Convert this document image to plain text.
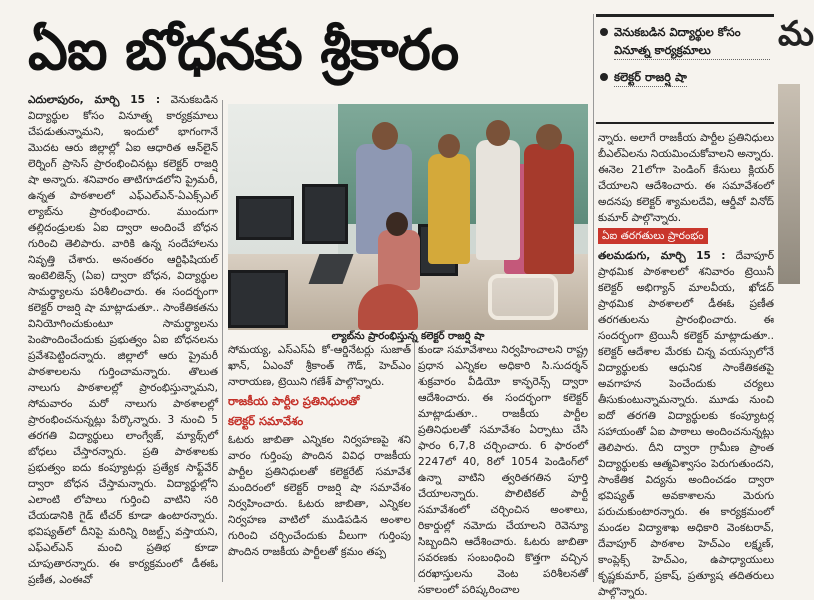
ఏఐ బోధనకు శ్రీకారం	వెనుకబడిన విద్యార్థుల కోసం వినూత్న కార్యక్రమాలు
కలెక్టర్ రాజర్షి షా
మ

ఎదులాపురం, మార్చి 15 : వెనుకబడిన విద్యార్థుల కోసం వినూత్న కార్యక్రమాలు చేపడుతున్నామని, ఇందులో భాగంగానే మొదట ఆరు జిల్లాల్లో ఏఐ ఆధారిత ఆన్‌లైన్ లెర్నింగ్ ప్రాసెస్ ప్రారంభించినట్లు కలెక్టర్ రాజర్షి షా అన్నారు. శనివారం తాటిగూడలోని ప్రైమరీ, ఉన్నత పాఠశాలలో ఎఫ్‌ఎల్‌ఎన్-ఏఎక్స్‌ఎల్ ల్యాబ్‌ను ప్రారంభించారు. ముందుగా తల్లిదండ్రులకు ఏఐ ద్వారా అందించే బోధన గురించి తెలిపారు. వారికి ఉన్న సందేహాలను నివృత్తి చేశారు. అనంతరం ఆర్టిఫిషియల్ ఇంటెలిజెన్స్ (ఏఐ) ద్వారా బోధన, విద్యార్థుల సామర్థ్యాలను పరిశీలించారు. ఈ సందర్భంగా కలెక్టర్ రాజర్షి షా మాట్లాడుతూ.. సాంకేతికతను వినియోగించుకుంటూ సామర్థ్యాలను పెంపొందించేందుకు ప్రభుత్వం ఏఐ బోధనలను ప్రవేశపెట్టిందన్నారు. జిల్లాలో ఆరు ప్రైమరీ పాఠశాలలను గుర్తించామన్నారు. తొలుత నాలుగు పాఠశాలల్లో ప్రారంభిస్తున్నామని, సోమవారం మరో నాలుగు పాఠశాలల్లో ప్రారంభించనున్నట్లు పేర్కొన్నారు. 3 నుంచి 5 తరగతి విద్యార్థులు లాంగ్వేజ్, మ్యాథ్స్‌లో బోధలు చేస్తారన్నారు. ప్రతి పాఠశాలకు ప్రభుత్వం ఐదు కంప్యూటర్లు ప్రత్యేక సాఫ్ట్‌వేర్ ద్వారా బోధన చేస్తామన్నారు. విద్యార్థుల్లోని ఎలాంటి లోపాలు గుర్తించి వాటిని సరి చేయడానికి గైడ్ టీచర్ కూడా ఉంటారన్నారు. భవిష్యత్‌లో దీనిపై మరిన్ని రిజల్ట్స్ వస్తాయని, ఎఫ్‌ఎల్‌ఎన్ మంచి ప్రతిభ కూడా చూపుతారన్నారు. ఈ కార్యక్రమంలో డీఈఓ ప్రణీత, ఎంఈవో

ల్యాబ్‌ను ప్రారంభిస్తున్న కలెక్టర్ రాజర్షి షా

సోమయ్య, ఎస్‌ఎస్‌ఏ కో-ఆర్డినేటర్లు సుజాత్ ఖాన్, ఏఎంవో శ్రీకాంత్ గౌడ్, హెచ్‌ఎం నారాయణ, ట్రెయిని గణేశ్ పాల్గొన్నారు.

రాజకీయ పార్టీల ప్రతినిధులతో
కలెక్టర్ సమావేశం

ఓటరు జాబితా ఎన్నికల నిర్వహణపై శని వారం గుర్తింపు పొందిన వివిధ రాజకీయ పార్టీల ప్రతినిధులతో కలెక్టరేట్ సమావేశ మందిరంలో కలెక్టర్ రాజర్షి షా సమావేశం నిర్వహించారు. ఓటరు జాబితా, ఎన్నికల నిర్వహణ వాటిలో ముడిపడిన అంశాల గురించి చర్చించేందుకు వీలుగా గుర్తింపు పొందిన రాజకీయ పార్టీలతో క్రమం తప్ప

కుండా సమావేశాలు నిర్వహించాలని రాష్ట్ర ప్రధాన ఎన్నికల అధికారి సి.సుదర్శన్ శుక్రవారం వీడియో కాన్ఫరెన్స్ ద్వారా ఆదేశించారు. ఈ సందర్భంగా కలెక్టర్ మాట్లాడుతూ.. రాజకీయ పార్టీల ప్రతినిధులతో సమావేశం ఏర్పాటు చేసి ఫారం 6,7,8 చర్చించారు. 6 ఫారంలో 2247లో 40, 8లో 1054 పెండింగ్‌లో ఉన్నా వాటిని త్వరితగతిన పూర్తి చేయాలన్నారు. పొలిటికల్ పార్టీ సమావేశంలో చర్చించిన అంశాలు, రికార్డుల్లో నమోదు చేయాలని రెవెన్యూ సిబ్బందిని ఆదేశించారు. ఓటరు జాబితా సవరణకు సంబంధించి కొత్తగా వచ్చిన దరఖాస్తులను వెంట పరిశీలనతో సకాలంలో పరిష్కరించాల

న్నారు. అలాగే రాజకీయ పార్టీల ప్రతినిధులు బీఎల్‌ఏలను నియమించుకోవాలని అన్నారు. ఈనెల 21లోగా పెండింగ్ కేసులు క్లియర్ చేయాలని ఆదేశించారు. ఈ సమావేశంలో అదనపు కలెక్టర్ శ్యామలదేవి, ఆర్డీవో వినోద్ కుమార్ పాల్గొన్నారు.

ఏఐ తరగతులు ప్రారంభం

తలమడుగు, మార్చి 15 : దేవాపూర్ ప్రాథమిక పాఠశాలలో శనివారం ట్రెయినీ కలెక్టర్ అభిగ్యాన్ మాలవీయ, ఖోడద్ ప్రాథమిక పాఠశాలలో డీఈఓ ప్రణీత తరగతులను ప్రారంభించారు. ఈ సందర్భంగా ట్రెయినీ కలెక్టర్ మాట్లాడుతూ.. కలెక్టర్ ఆదేశాల మేరకు చిన్న వయస్సులోనే విద్యార్థులకు ఆధునిక సాంకేతికతపై అవగాహన పెంచేందుకు చర్యలు తీసుకుంటున్నామన్నారు. మూడు నుంచి ఐదో తరగతి విద్యార్థులకు కంప్యూటర్ల సహాయంతో ఏఐ పాఠాలు అందించనున్నట్లు తెలిపారు. దీని ద్వారా గ్రామీణ ప్రాంత విద్యార్థులకు ఆత్మవిశ్వాసం పెరుగుతుందని, సాంకేతిక విద్యను అందించడం ద్వారా భవిష్యత్ అవకాశాలను మెరుగు పరుచుకుంటారన్నారు. ఈ కార్యక్రమంలో మండల విద్యాశాఖ అధికారి వెంకటరావ్, దేవాపూర్ పాఠశాల హెచ్‌ఎం లక్ష్మణ్, కాంప్లెక్స్ హెచ్‌ఎం, ఉపాధ్యాయులు కృష్ణకుమార్, ప్రకాష్, ప్రత్యూష తదితరులు పాల్గొన్నారు.
